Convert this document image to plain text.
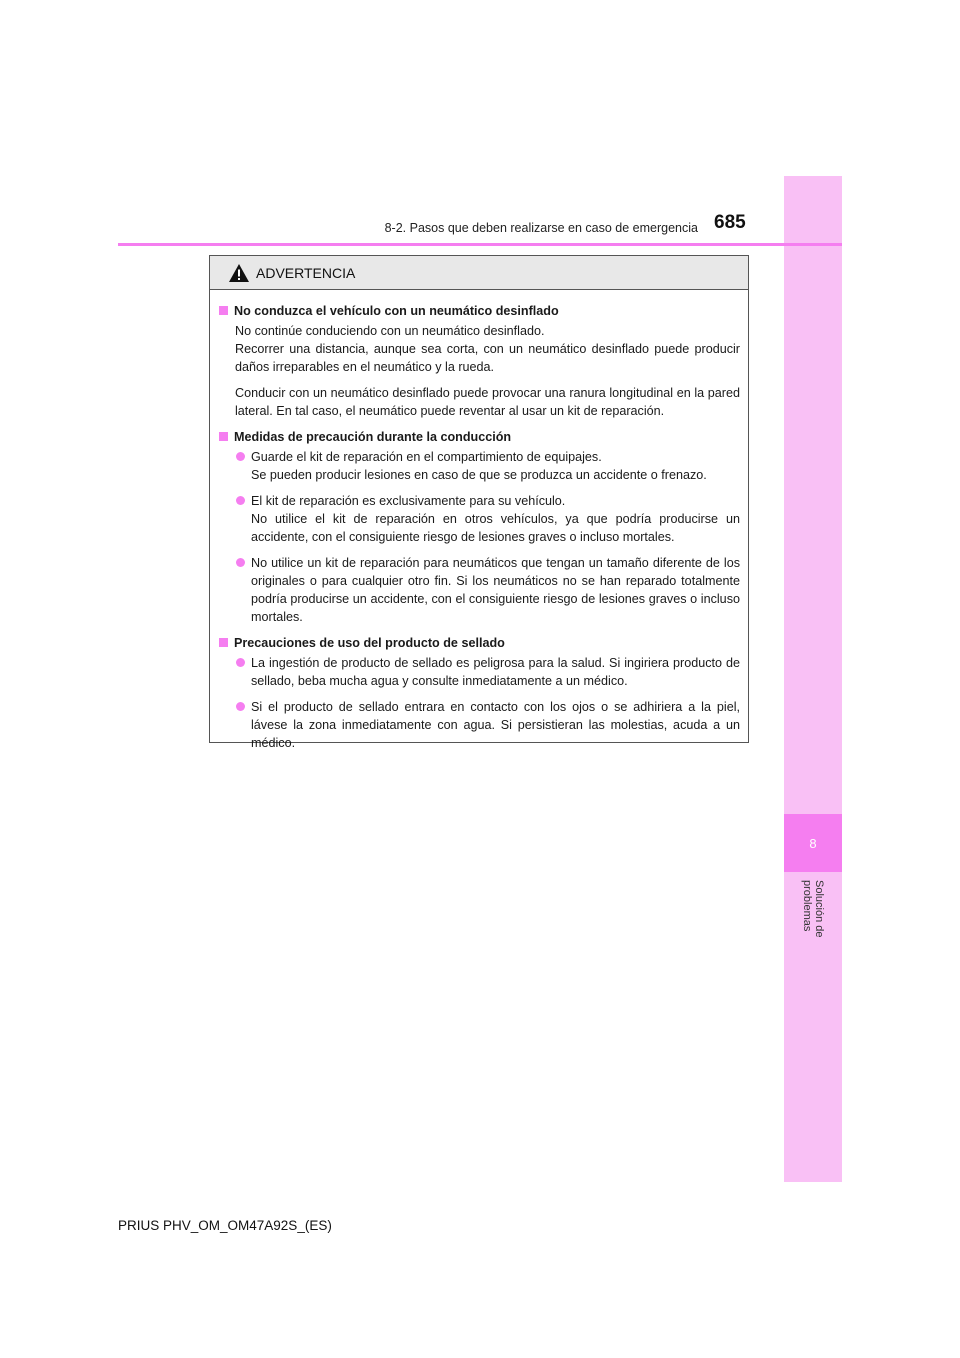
8
Solución de problemas
8-2. Pasos que deben realizarse en caso de emergencia 685
ADVERTENCIA
No conduzca el vehículo con un neumático desinflado
No continúe conduciendo con un neumático desinflado.
Recorrer una distancia, aunque sea corta, con un neumático desinflado puede producir daños irreparables en el neumático y la rueda.
Conducir con un neumático desinflado puede provocar una ranura longitudinal en la pared lateral. En tal caso, el neumático puede reventar al usar un kit de reparación.
Medidas de precaución durante la conducción
Guarde el kit de reparación en el compartimiento de equipajes.
Se pueden producir lesiones en caso de que se produzca un accidente o frenazo.
El kit de reparación es exclusivamente para su vehículo.
No utilice el kit de reparación en otros vehículos, ya que podría producirse un accidente, con el consiguiente riesgo de lesiones graves o incluso mortales.
No utilice un kit de reparación para neumáticos que tengan un tamaño diferente de los originales o para cualquier otro fin. Si los neumáticos no se han reparado totalmente podría producirse un accidente, con el consiguiente riesgo de lesiones graves o incluso mortales.
Precauciones de uso del producto de sellado
La ingestión de producto de sellado es peligrosa para la salud. Si ingiriera producto de sellado, beba mucha agua y consulte inmediatamente a un médico.
Si el producto de sellado entrara en contacto con los ojos o se adhiriera a la piel, lávese la zona inmediatamente con agua. Si persistieran las molestias, acuda a un médico.
PRIUS PHV_OM_OM47A92S_(ES)
